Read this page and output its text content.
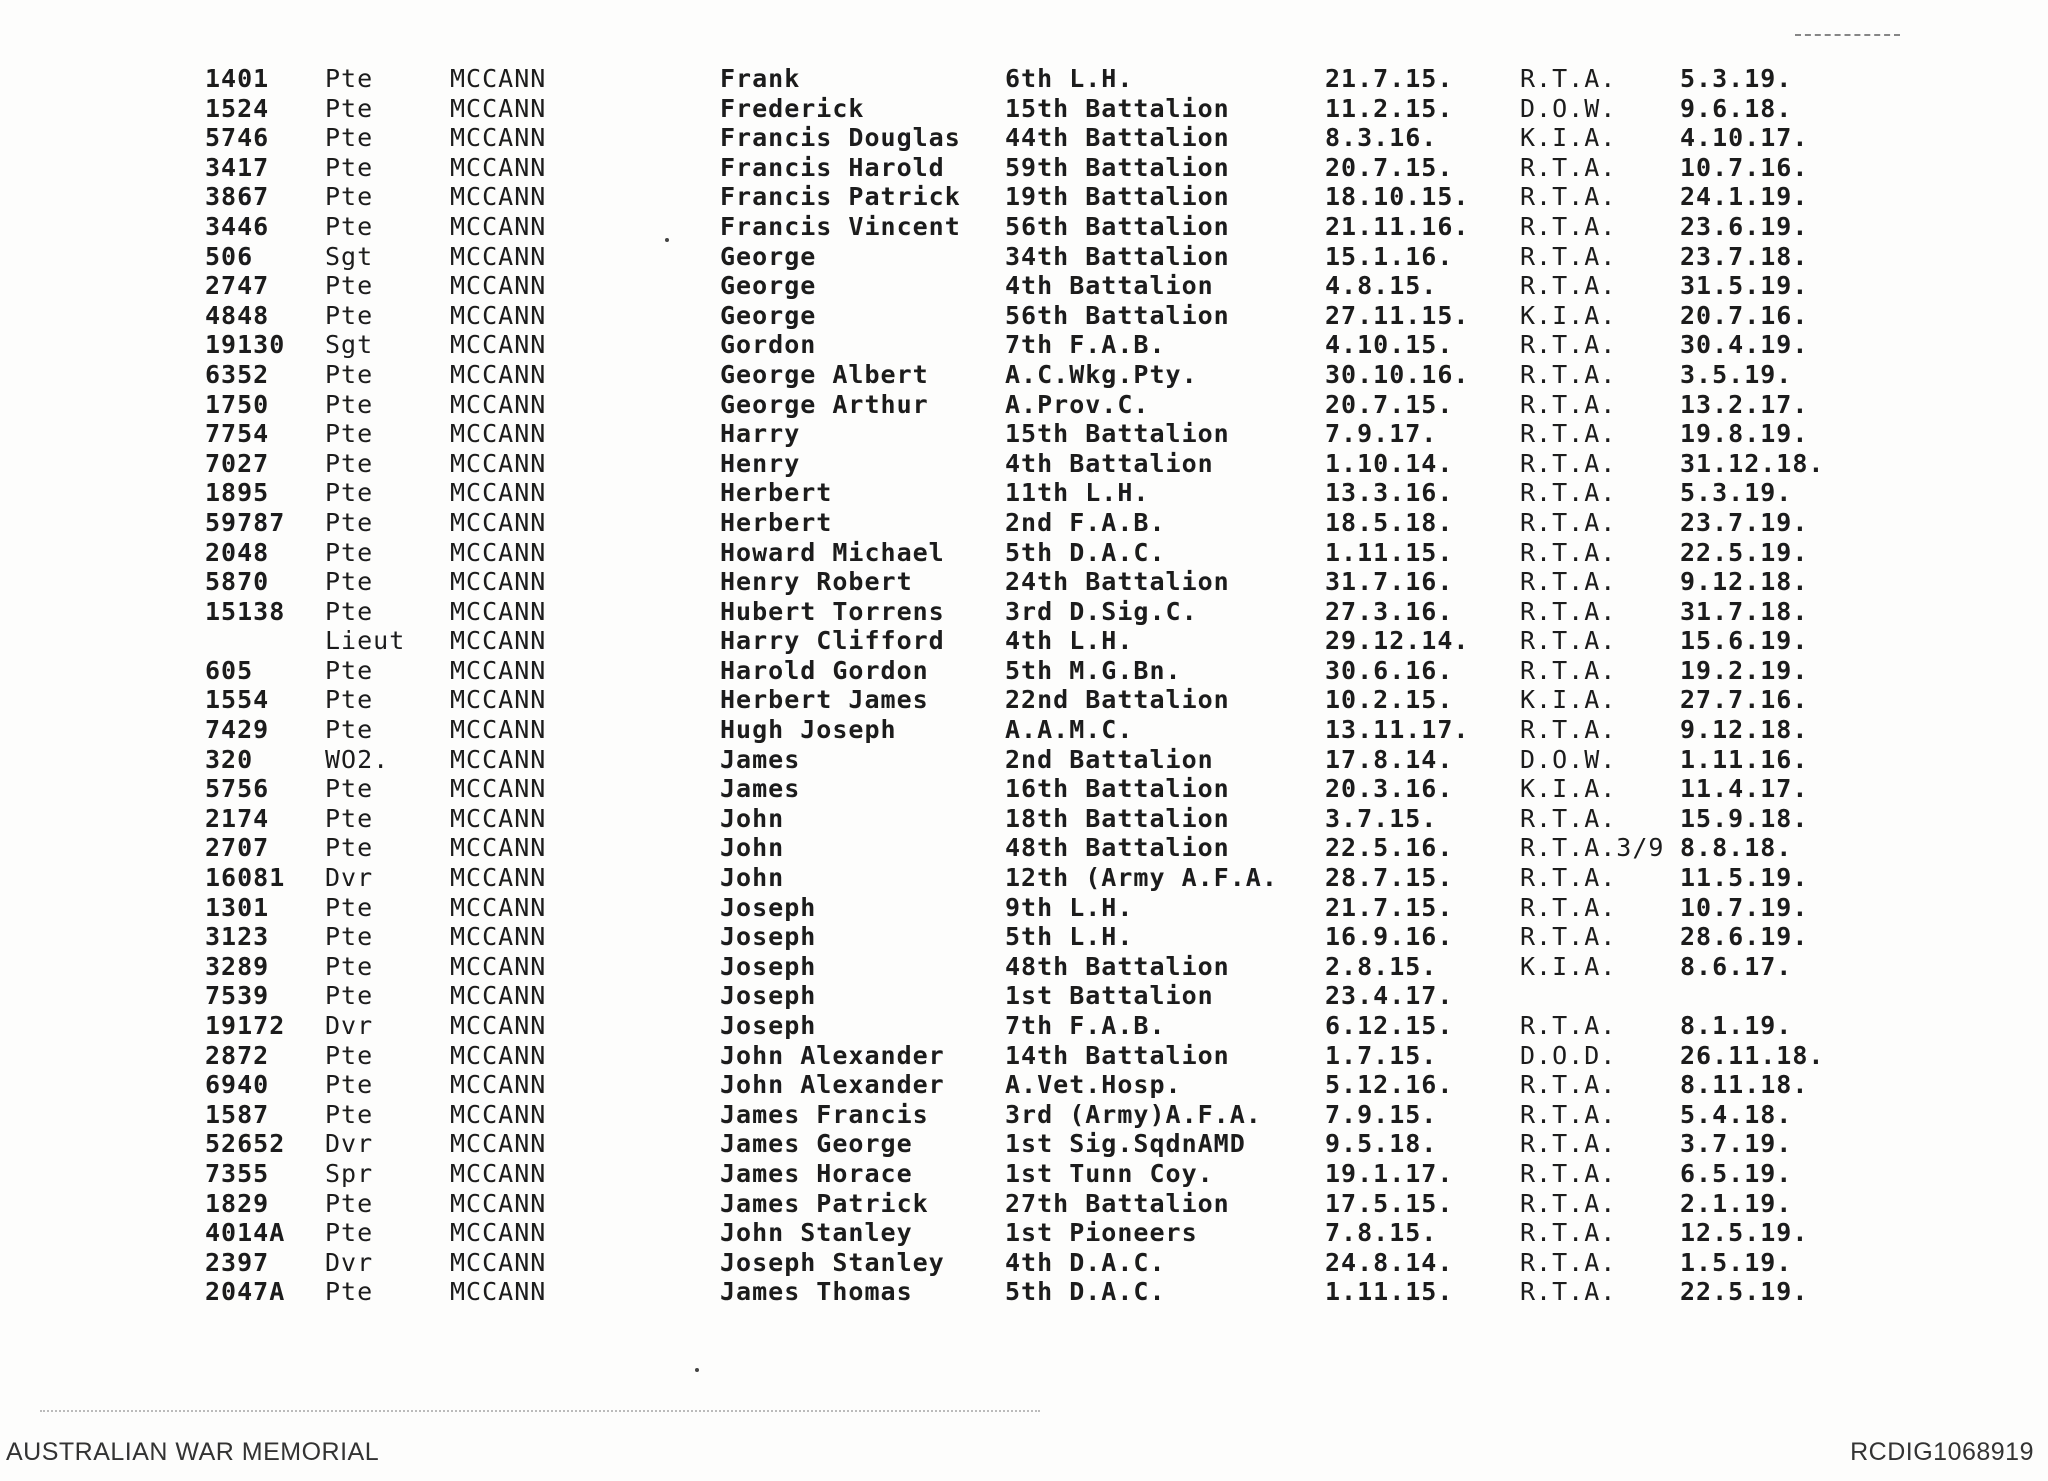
1401 Pte	MCCANN	Frank	6th L.H.	21.7.15.	R.T.A.	5.3.19.
1524 Pte	MCCANN	Frederick	15th Battalion	11.2.15.	D.O.W.	9.6.18.
5746 Pte	MCCANN	Francis Douglas 44th Battalion	8.3.16.	K.I.A.	4.10.17.
3417 Pte	MCCANN	Francis Harold 59th Battalion	20.7.15.	R.T.A.	10.7.16.
3867 Pte	MCCANN	Francis Patrick 19th Battalion	18.10.15. R.T.A.	24.1.19.
3446 Pte	MCCANN	Francis Vincent 56th Battalion	21.11.16. R.T.A.	23.6.19.
506	Sgt	MCCANN	George	34th Battalion	15.1.16.	R.T.A.	23.7.18.
2747 Pte	MCCANN	George	4th Battalion	4.8.15.	R.T.A.	31.5.19.
4848 Pte	MCCANN	George	56th Battalion	27.11.15. K.I.A.	20.7.16.
19130 Sgt	MCCANN	Gordon	7th F.A.B.	4.10.15.	R.T.A.	30.4.19.
6352 Pte	MCCANN	George Albert	A.C.Wkg.Pty.	30.10.16. R.T.A.	3.5.19.
1750 Pte	MCCANN	George Arthur	A.Prov.C.	20.7.15.	R.T.A.	13.2.17.
7754 Pte	MCCANN	Harry	15th Battalion	7.9.17.	R.T.A.	19.8.19.
7027 Pte	MCCANN	Henry	4th Battalion	1.10.14.	R.T.A.	31.12.18.
1895 Pte	MCCANN	Herbert	11th L.H.	13.3.16.	R.T.A.	5.3.19.
59787 Pte	MCCANN	Herbert	2nd F.A.B.	18.5.18.	R.T.A.	23.7.19.
2048 Pte	MCCANN	Howard Michael 5th D.A.C.	1.11.15.	R.T.A.	22.5.19.
5870 Pte	MCCANN	Henry Robert	24th Battalion	31.7.16.	R.T.A.	9.12.18.
15138 Pte	MCCANN	Hubert Torrens 3rd D.Sig.C.	27.3.16.	R.T.A.	31.7.18.
Lieut MCCANN	Harry Clifford 4th L.H.	29.12.14. R.T.A.	15.6.19.
605	Pte	MCCANN	Harold Gordon	5th M.G.Bn.	30.6.16.	R.T.A.	19.2.19.
1554 Pte	MCCANN	Herbert James	22nd Battalion	10.2.15.	K.I.A.	27.7.16.
7429 Pte	MCCANN	Hugh Joseph	A.A.M.C.	13.11.17. R.T.A.	9.12.18.
320	WO2. MCCANN	James	2nd Battalion	17.8.14.	D.O.W.	1.11.16.
5756 Pte	MCCANN	James	16th Battalion	20.3.16.	K.I.A.	11.4.17.
2174 Pte	MCCANN	John	18th Battalion	3.7.15.	R.T.A.	15.9.18.
2707 Pte	MCCANN	John	48th Battalion	22.5.16.	R.T.A.3/9 8.8.18.
16081 Dvr	MCCANN	John	12th (Army A.F.A. 28.7.15.	R.T.A.	11.5.19.
1301 Pte	MCCANN	Joseph	9th L.H.	21.7.15.	R.T.A.	10.7.19.
3123 Pte	MCCANN	Joseph	5th L.H.	16.9.16.	R.T.A.	28.6.19.
3289 Pte	MCCANN	Joseph	48th Battalion	2.8.15.	K.I.A.	8.6.17.
7539 Pte	MCCANN	Joseph	1st Battalion	23.4.17.
19172 Dvr	MCCANN	Joseph	7th F.A.B.	6.12.15.	R.T.A.	8.1.19.
2872 Pte	MCCANN	John Alexander 14th Battalion	1.7.15.	D.O.D.	26.11.18.
6940 Pte	MCCANN	John Alexander A.Vet.Hosp.	5.12.16.	R.T.A.	8.11.18.
1587 Pte	MCCANN	James Francis	3rd (Army)A.F.A.	7.9.15.	R.T.A.	5.4.18.
52652 Dvr	MCCANN	James George	1st Sig.SqdnAMD	9.5.18.	R.T.A.	3.7.19.
7355 Spr	MCCANN	James Horace	1st Tunn Coy.	19.1.17.	R.T.A.	6.5.19.
1829 Pte	MCCANN	James Patrick	27th Battalion	17.5.15.	R.T.A.	2.1.19.
4014A Pte	MCCANN	John Stanley	1st Pioneers	7.8.15.	R.T.A.	12.5.19.
2397 Dvr	MCCANN	Joseph Stanley 4th D.A.C.	24.8.14.	R.T.A.	1.5.19.
2047A Pte	MCCANN	James Thomas	5th D.A.C.	1.11.15.	R.T.A.	22.5.19.
AUSTRALIAN WAR MEMORIAL	RCDIG1068919
